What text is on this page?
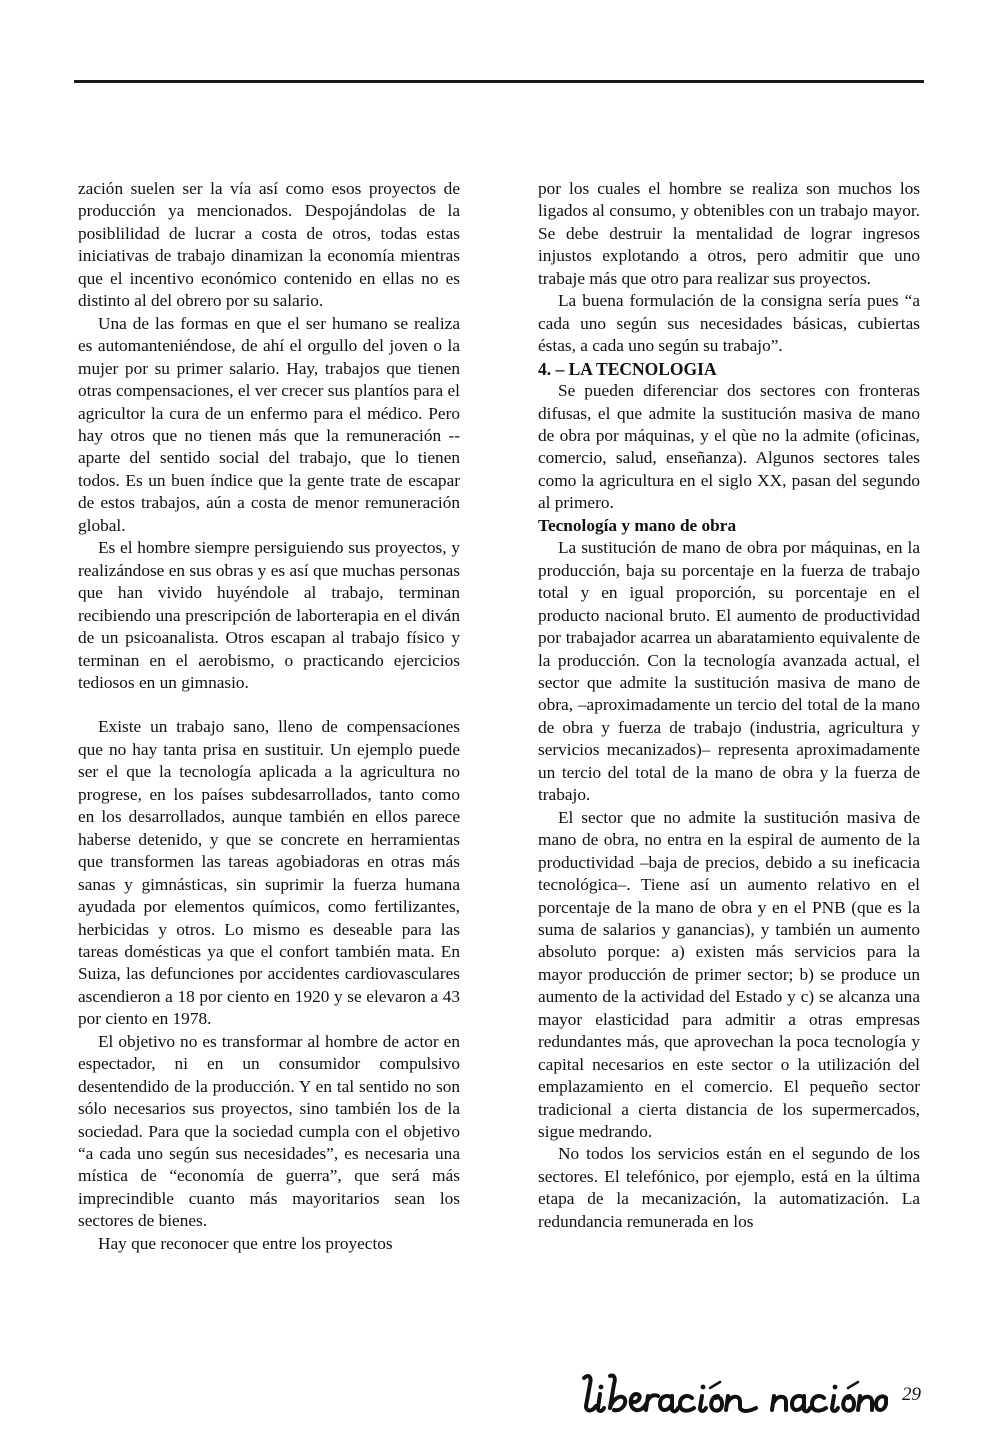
zación suelen ser la vía así como esos proyectos de producción ya mencionados. Despojándolas de la posiblilidad de lucrar a costa de otros, todas estas iniciativas de trabajo dinamizan la economía mientras que el incentivo económico contenido en ellas no es distinto al del obrero por su salario.

Una de las formas en que el ser humano se realiza es automanteniéndose, de ahí el orgullo del joven o la mujer por su primer salario. Hay, trabajos que tienen otras compensaciones, el ver crecer sus plantíos para el agricultor la cura de un enfermo para el médico. Pero hay otros que no tienen más que la remuneración --aparte del sentido social del trabajo, que lo tienen todos. Es un buen índice que la gente trate de escapar de estos trabajos, aún a costa de menor remuneración global.

Es el hombre siempre persiguiendo sus proyectos, y realizándose en sus obras y es así que muchas personas que han vivido huyéndole al trabajo, terminan recibiendo una prescripción de laborterapia en el diván de un psicoanalista. Otros escapan al trabajo físico y terminan en el aerobismo, o practicando ejercicios tediosos en un gimnasio.

Existe un trabajo sano, lleno de compensaciones que no hay tanta prisa en sustituir. Un ejemplo puede ser el que la tecnología aplicada a la agricultura no progrese, en los países subdesarrollados, tanto como en los desarrollados, aunque también en ellos parece haberse detenido, y que se concrete en herramientas que transformen las tareas agobiadoras en otras más sanas y gimnásticas, sin suprimir la fuerza humana ayudada por elementos químicos, como fertilizantes, herbicidas y otros. Lo mismo es deseable para las tareas domésticas ya que el confort también mata. En Suiza, las defunciones por accidentes cardiovasculares ascendieron a 18 por ciento en 1920 y se elevaron a 43 por ciento en 1978.

El objetivo no es transformar al hombre de actor en espectador, ni en un consumidor compulsivo desentendido de la producción. Y en tal sentido no son sólo necesarios sus proyectos, sino también los de la sociedad. Para que la sociedad cumpla con el objetivo “a cada uno según sus necesidades”, es necesaria una mística de “economía de guerra”, que será más imprecindible cuanto más mayoritarios sean los sectores de bienes.

Hay que reconocer que entre los proyectos

por los cuales el hombre se realiza son muchos los ligados al consumo, y obtenibles con un trabajo mayor. Se debe destruir la mentalidad de lograr ingresos injustos explotando a otros, pero admitir que uno trabaje más que otro para realizar sus proyectos.

La buena formulación de la consigna sería pues “a cada uno según sus necesidades básicas, cubiertas éstas, a cada uno según su trabajo”.

4. – LA TECNOLOGIA

Se pueden diferenciar dos sectores con fronteras difusas, el que admite la sustitución masiva de mano de obra por máquinas, y el qùe no la admite (oficinas, comercio, salud, enseñanza). Algunos sectores tales como la agricultura en el siglo XX, pasan del segundo al primero.

Tecnología y mano de obra

La sustitución de mano de obra por máquinas, en la producción, baja su porcentaje en la fuerza de trabajo total y en igual proporción, su porcentaje en el producto nacional bruto. El aumento de productividad por trabajador acarrea un abaratamiento equivalente de la producción. Con la tecnología avanzada actual, el sector que admite la sustitución masiva de mano de obra, –aproximadamente un tercio del total de la mano de obra y fuerza de trabajo (industria, agricultura y servicios mecanizados)– representa aproximadamente un tercio del total de la mano de obra y la fuerza de trabajo.

El sector que no admite la sustitución masiva de mano de obra, no entra en la espiral de aumento de la productividad –baja de precios, debido a su ineficacia tecnológica–. Tiene así un aumento relativo en el porcentaje de la mano de obra y en el PNB (que es la suma de salarios y ganancias), y también un aumento absoluto porque: a) existen más servicios para la mayor producción de primer sector; b) se produce un aumento de la actividad del Estado y c) se alcanza una mayor elasticidad para admitir a otras empresas redundantes más, que aprovechan la poca tecnología y capital necesarios en este sector o la utilización del emplazamiento en el comercio. El pequeño sector tradicional a cierta distancia de los supermercados, sigue medrando.

No todos los servicios están en el segundo de los sectores. El telefónico, por ejemplo, está en la última etapa de la mecanización, la automatización. La redundancia remunerada en los

29
